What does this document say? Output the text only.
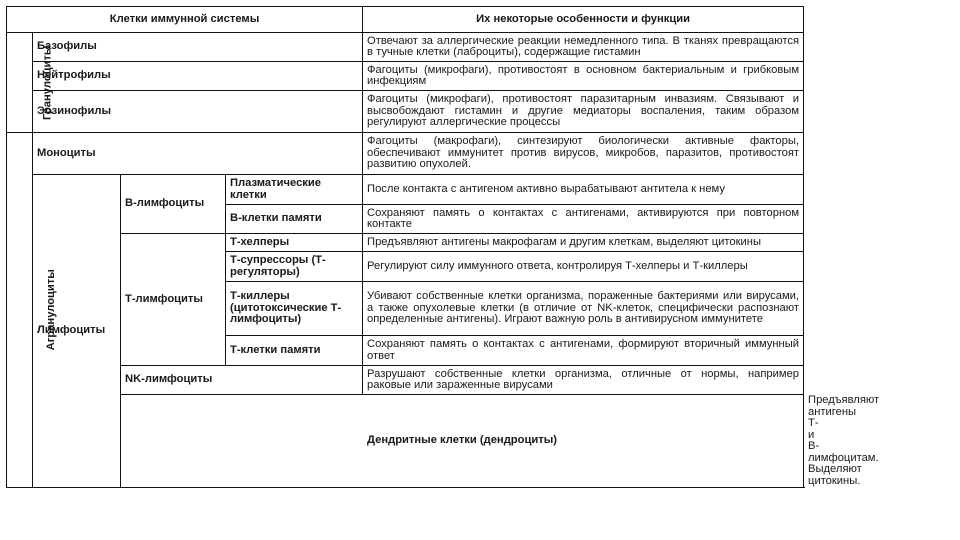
Клетки иммунной системы				Их некоторые особенности и функции	
Гранулоциты	Базофилы			Отвечают за аллергические реакции немедленного типа. В тканях превращаются в тучные клетки (лаброциты), содержащие гистамин	
	Нейтрофилы			Фагоциты (микрофаги), противостоят в основном бактериальным и грибковым инфекциям	
	Эозинофилы			Фагоциты (микрофаги), противостоят паразитарным инвазиям. Связывают и высвобождают гистамин и другие медиаторы воспаления, таким образом регулируют аллергические процессы	
Агранулоциты	Моноциты			Фагоциты (макрофаги), синтезируют биологически активные факторы, обеспечивают иммунитет против вирусов, микробов, паразитов, противостоят развитию опухолей.	
	Лимфоциты	В-лимфоциты	Плазматические клетки	После контакта с антигеном активно вырабатывают антитела к нему	
			В-клетки памяти	Сохраняют память о контактах с антигенами, активируются при повторном контакте	
		Т-лимфоциты	Т-хелперы	Предъявляют антигены макрофагам и другим клеткам, выделяют цитокины	
			Т-супрессоры (Т-регуляторы)	Регулируют силу иммунного ответа, контролируя Т-хелперы и Т-киллеры	
			Т-киллеры (цитотоксические Т-лимфоциты)	Убивают собственные клетки организма, пораженные бактериями или вирусами, а также опухолевые клетки (в отличие от NK-клеток, специфически распознают определенные антигены). Играют важную роль в антивирусном иммунитете	
			Т-клетки памяти	Сохраняют память о контактах с антигенами, формируют вторичный иммунный ответ	
		NK-лимфоциты		Разрушают собственные клетки организма, отличные от нормы, например раковые или зараженные вирусами	
		Дендритные клетки (дендроциты)			Предъявляют антигены Т- и В-лимфоцитам. Выделяют цитокины.
